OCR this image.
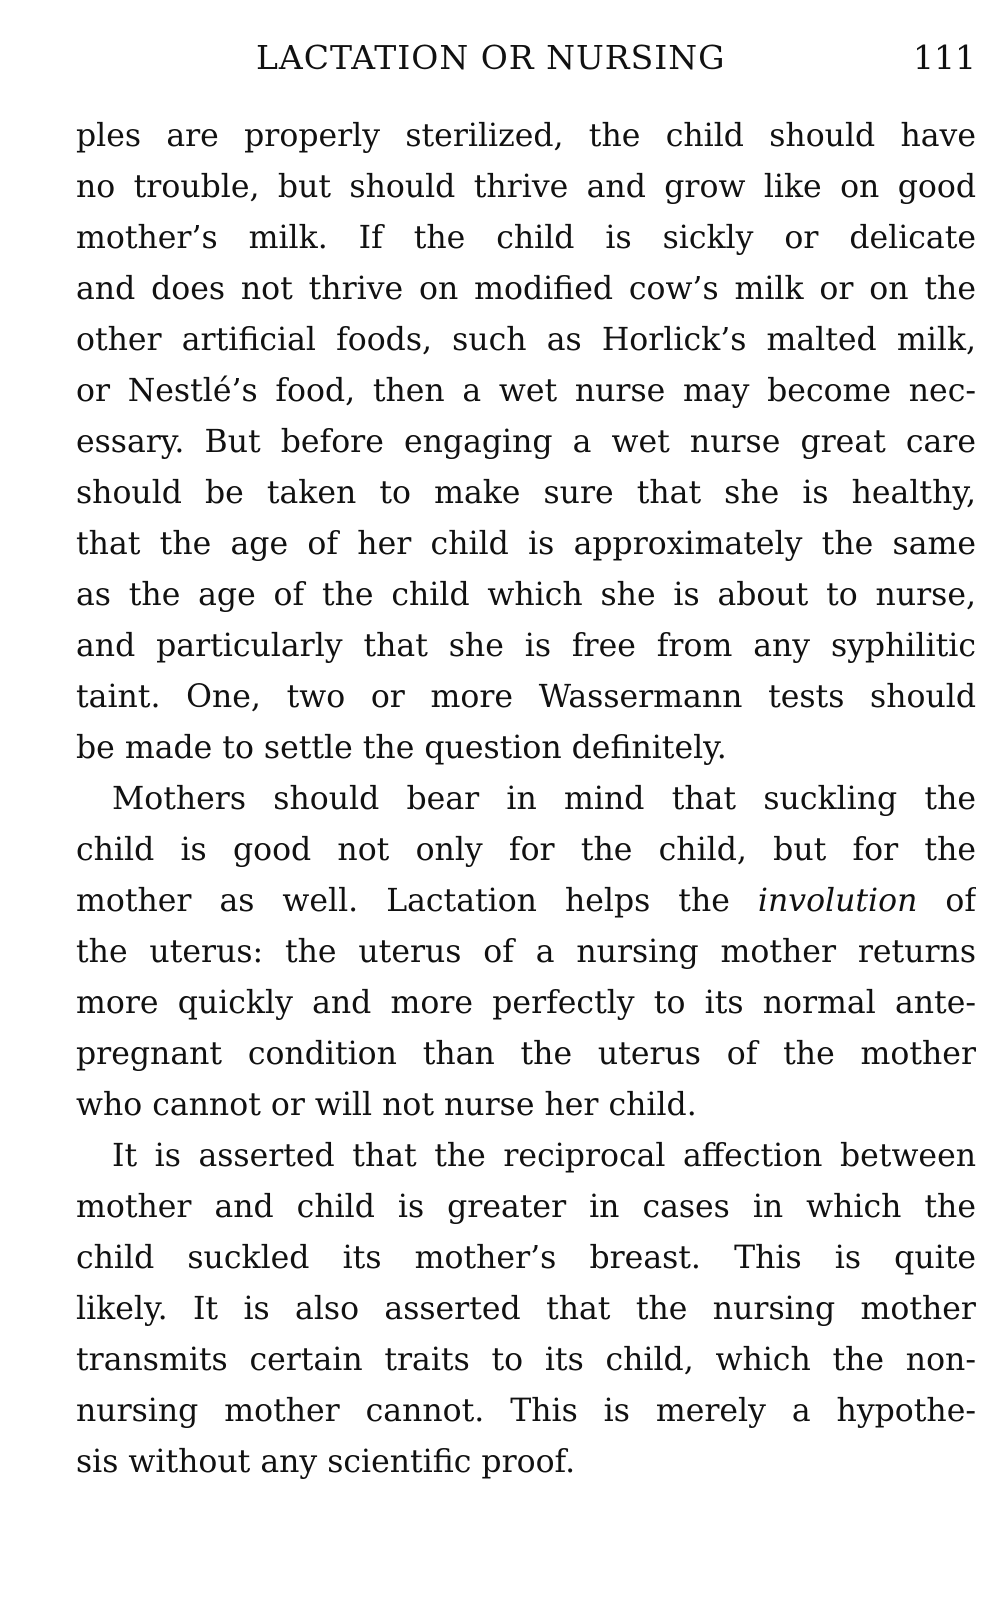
LACTATION OR NURSING	111
ples are properly sterilized, the child should have
no trouble, but should thrive and grow like on good
mother’s milk. If the child is sickly or delicate
and does not thrive on modified cow’s milk or on the
other artificial foods, such as Horlick’s malted milk,
or Nestlé’s food, then a wet nurse may become nec-
essary. But before engaging a wet nurse great care
should be taken to make sure that she is healthy,
that the age of her child is approximately the same
as the age of the child which she is about to nurse,
and particularly that she is free from any syphilitic
taint. One, two or more Wassermann tests should
be made to settle the question definitely.
Mothers should bear in mind that suckling the
child is good not only for the child, but for the
mother as well. Lactation helps the involution of
the uterus: the uterus of a nursing mother returns
more quickly and more perfectly to its normal ante-
pregnant condition than the uterus of the mother
who cannot or will not nurse her child.
It is asserted that the reciprocal affection between
mother and child is greater in cases in which the
child suckled its mother’s breast. This is quite
likely. It is also asserted that the nursing mother
transmits certain traits to its child, which the non-
nursing mother cannot. This is merely a hypothe-
sis without any scientific proof.
